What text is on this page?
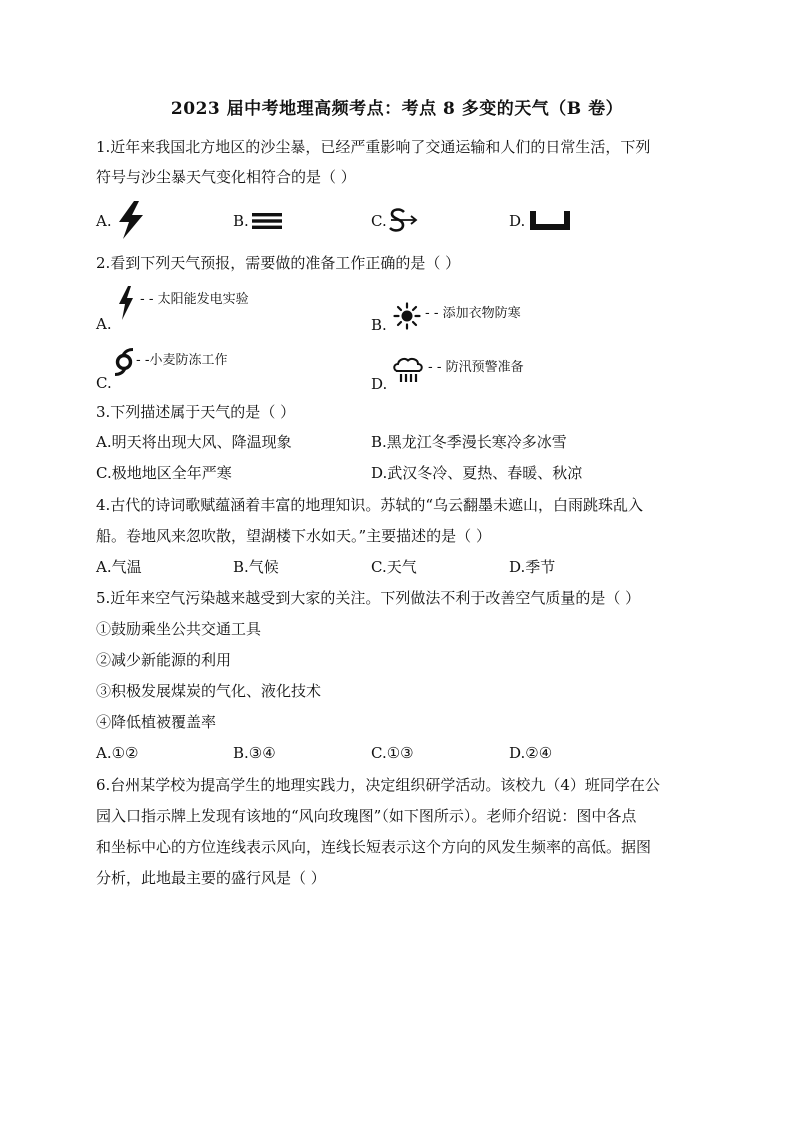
2023 届中考地理高频考点：考点 8 多变的天气（B 卷）
1.近年来我国北方地区的沙尘暴，已经严重影响了交通运输和人们的日常生活，下列
符号与沙尘暴天气变化相符合的是（ ）
A.	B.	C.	D.
2.看到下列天气预报，需要做的准备工作正确的是（ ）
A.
- - 太阳能发电实验
B.
- - 添加衣物防寒
C.
- -小麦防冻工作
D.
- - 防汛预警准备
3.下列描述属于天气的是（ ）
A.明天将出现大风、降温现象	B.黑龙江冬季漫长寒冷多冰雪
C.极地地区全年严寒	D.武汉冬冷、夏热、春暖、秋凉
4.古代的诗词歌赋蕴涵着丰富的地理知识。苏轼的“乌云翻墨未遮山，白雨跳珠乱入
船。卷地风来忽吹散，望湖楼下水如天。”主要描述的是（ ）
A.气温	B.气候	C.天气	D.季节
5.近年来空气污染越来越受到大家的关注。下列做法不利于改善空气质量的是（ ）
①鼓励乘坐公共交通工具
②减少新能源的利用
③积极发展煤炭的气化、液化技术
④降低植被覆盖率
A.①②	B.③④	C.①③	D.②④
6.台州某学校为提高学生的地理实践力，决定组织研学活动。该校九（4）班同学在公
园入口指示牌上发现有该地的“风向玫瑰图”（如下图所示）。老师介绍说：图中各点
和坐标中心的方位连线表示风向，连线长短表示这个方向的风发生频率的高低。据图
分析，此地最主要的盛行风是（ ）
